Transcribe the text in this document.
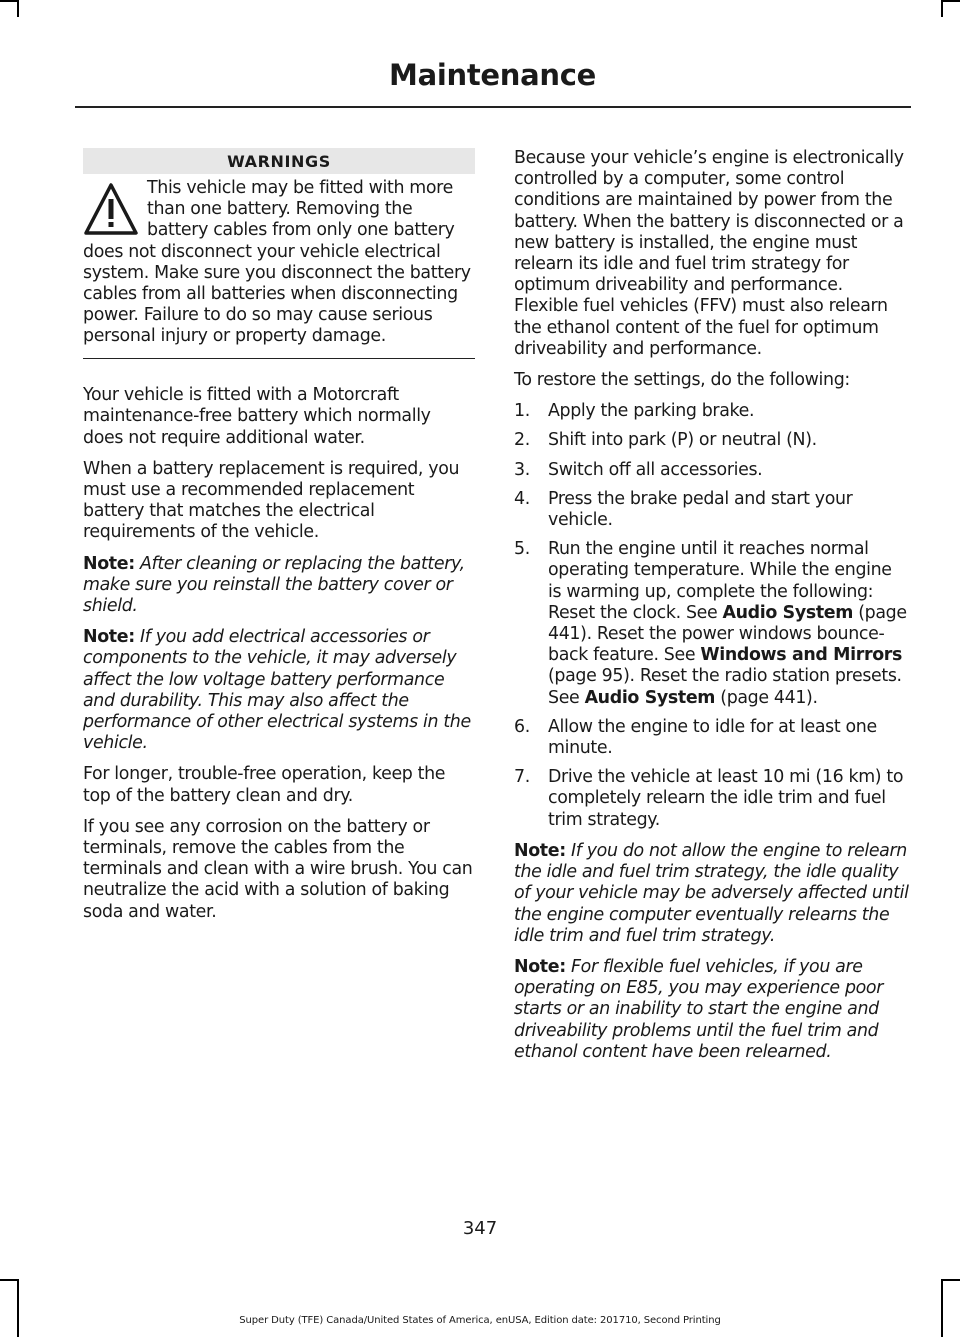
Maintenance
WARNINGS

This vehicle may be fitted with more than one battery. Removing the battery cables from only one battery does not disconnect your vehicle electrical system. Make sure you disconnect the battery cables from all batteries when disconnecting power. Failure to do so may cause serious personal injury or property damage.

Your vehicle is fitted with a Motorcraft maintenance-free battery which normally does not require additional water.

When a battery replacement is required, you must use a recommended replacement battery that matches the electrical requirements of the vehicle.

Note: After cleaning or replacing the battery, make sure you reinstall the battery cover or shield.

Note: If you add electrical accessories or components to the vehicle, it may adversely affect the low voltage battery performance and durability. This may also affect the performance of other electrical systems in the vehicle.

For longer, trouble-free operation, keep the top of the battery clean and dry.

If you see any corrosion on the battery or terminals, remove the cables from the terminals and clean with a wire brush. You can neutralize the acid with a solution of baking soda and water.

Because your vehicle’s engine is electronically controlled by a computer, some control conditions are maintained by power from the battery. When the battery is disconnected or a new battery is installed, the engine must relearn its idle and fuel trim strategy for optimum driveability and performance. Flexible fuel vehicles (FFV) must also relearn the ethanol content of the fuel for optimum driveability and performance.

To restore the settings, do the following:

1. Apply the parking brake.
2. Shift into park (P) or neutral (N).
3. Switch off all accessories.
4. Press the brake pedal and start your vehicle.
5. Run the engine until it reaches normal operating temperature. While the engine is warming up, complete the following: Reset the clock. See Audio System (page 441). Reset the power windows bounce-back feature. See Windows and Mirrors (page 95). Reset the radio station presets. See Audio System (page 441).
6. Allow the engine to idle for at least one minute.
7. Drive the vehicle at least 10 mi (16 km) to completely relearn the idle trim and fuel trim strategy.

Note: If you do not allow the engine to relearn the idle and fuel trim strategy, the idle quality of your vehicle may be adversely affected until the engine computer eventually relearns the idle trim and fuel trim strategy.

Note: For flexible fuel vehicles, if you are operating on E85, you may experience poor starts or an inability to start the engine and driveability problems until the fuel trim and ethanol content have been relearned.

347
Super Duty (TFE) Canada/United States of America, enUSA, Edition date: 201710, Second Printing
